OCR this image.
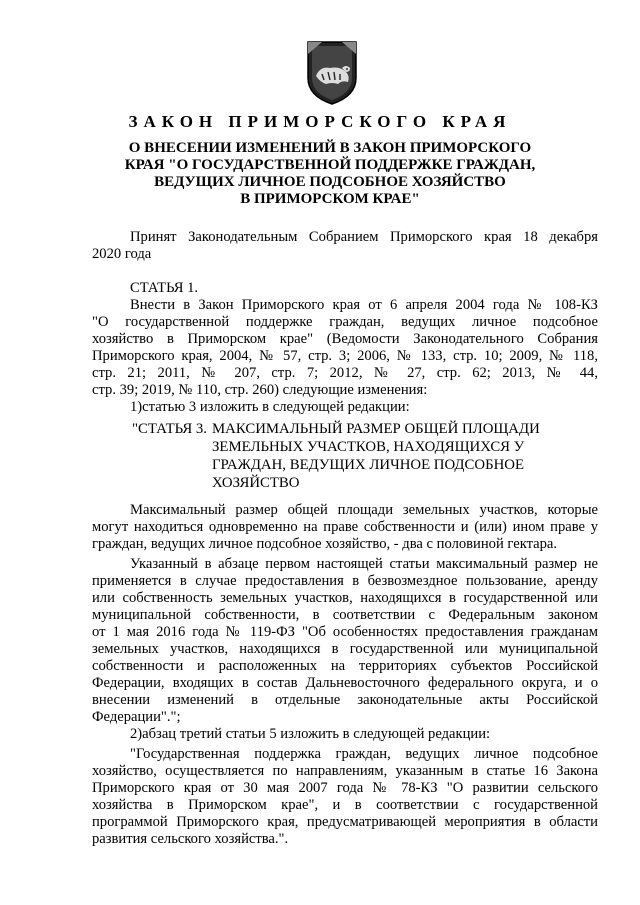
ЗАКОН ПРИМОРСКОГО КРАЯ
О ВНЕСЕНИИ ИЗМЕНЕНИЙ В ЗАКОН ПРИМОРСКОГО
КРАЯ "О ГОСУДАРСТВЕННОЙ ПОДДЕРЖКЕ ГРАЖДАН,
ВЕДУЩИХ ЛИЧНОЕ ПОДСОБНОЕ ХОЗЯЙСТВО
В ПРИМОРСКОМ КРАЕ"
Принят Законодательным Собранием Приморского края 18 декабря
2020 года
СТАТЬЯ 1.
Внести в Закон Приморского края от 6 апреля 2004 года № 108-КЗ
"О государственной поддержке граждан, ведущих личное подсобное
хозяйство в Приморском крае" (Ведомости Законодательного Собрания
Приморского края, 2004, № 57, стр. 3; 2006, № 133, стр. 10; 2009, № 118,
стр. 21; 2011, № 207, стр. 7; 2012, № 27, стр. 62; 2013, № 44,
стр. 39; 2019, № 110, стр. 260) следующие изменения:
1)статью 3 изложить в следующей редакции:
"СТАТЬЯ 3. МАКСИМАЛЬНЫЙ РАЗМЕР ОБЩЕЙ ПЛОЩАДИ
ЗЕМЕЛЬНЫХ УЧАСТКОВ, НАХОДЯЩИХСЯ У
ГРАЖДАН, ВЕДУЩИХ ЛИЧНОЕ ПОДСОБНОЕ
ХОЗЯЙСТВО
Максимальный размер общей площади земельных участков, которые
могут находиться одновременно на праве собственности и (или) ином праве у
граждан, ведущих личное подсобное хозяйство, - два с половиной гектара.
Указанный в абзаце первом настоящей статьи максимальный размер не
применяется в случае предоставления в безвозмездное пользование, аренду
или собственность земельных участков, находящихся в государственной или
муниципальной собственности, в соответствии с Федеральным законом
от 1 мая 2016 года № 119-ФЗ "Об особенностях предоставления гражданам
земельных участков, находящихся в государственной или муниципальной
собственности и расположенных на территориях субъектов Российской
Федерации, входящих в состав Дальневосточного федерального округа, и о
внесении изменений в отдельные законодательные акты Российской
Федерации".";
2)абзац третий статьи 5 изложить в следующей редакции:
"Государственная поддержка граждан, ведущих личное подсобное
хозяйство, осуществляется по направлениям, указанным в статье 16 Закона
Приморского края от 30 мая 2007 года № 78-КЗ "О развитии сельского
хозяйства в Приморском крае", и в соответствии с государственной
программой Приморского края, предусматривающей мероприятия в области
развития сельского хозяйства.".
